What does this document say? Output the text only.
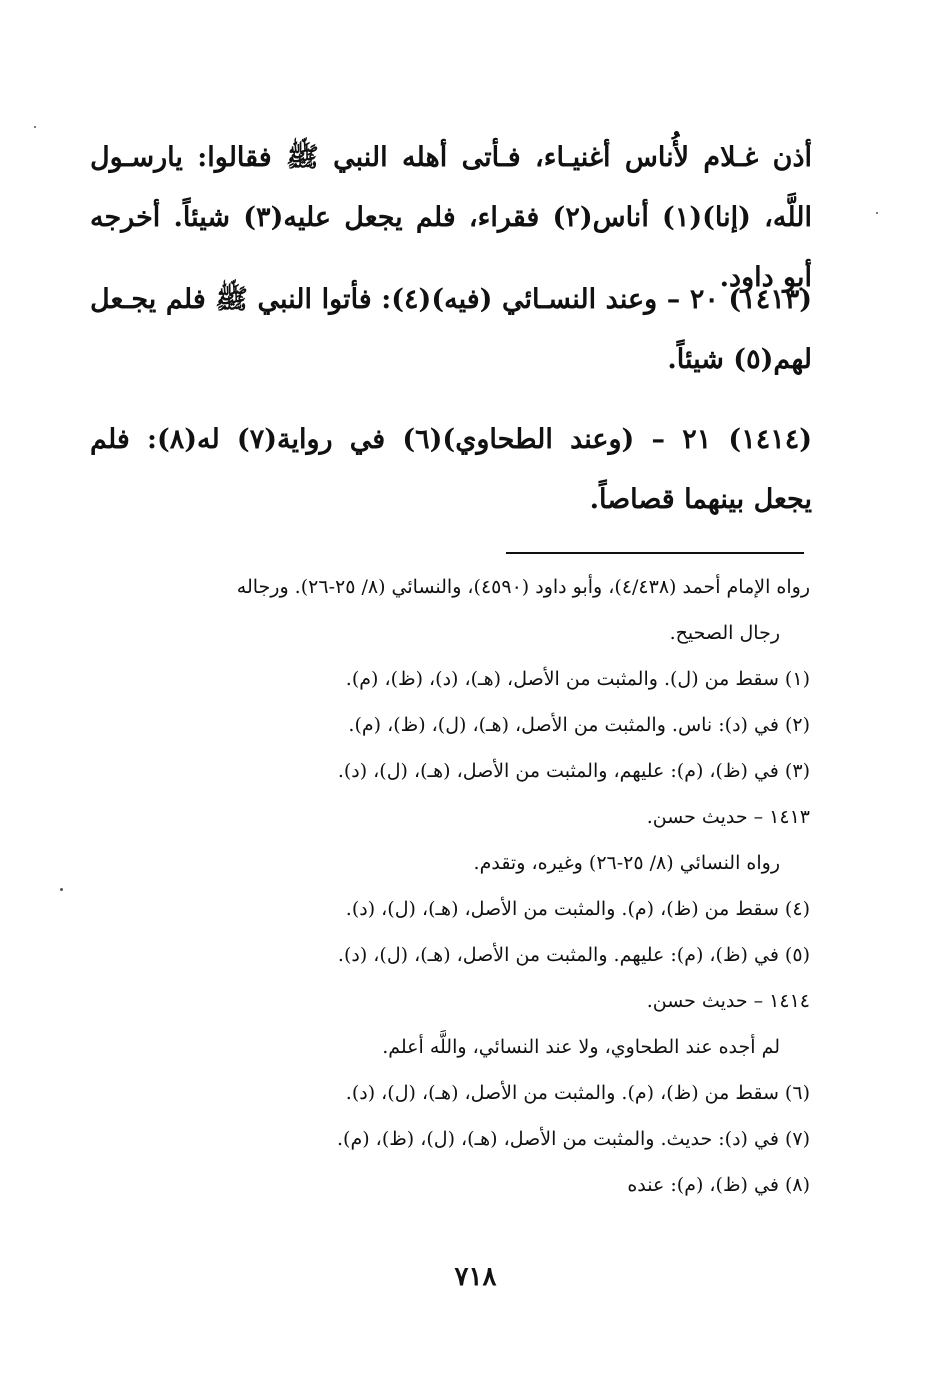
أذن غـلام لأُناس أغنيـاء، فـأتى أهله النبي ﷺ فقالوا: يارسـول اللَّه، (إنا)(١) أناس(٢) فقراء، فلم يجعل عليه(٣) شيئاً. أخرجه أبو داود.

(١٤١٣) ٢٠ – وعند النسـائي (فيه)(٤): فأتوا النبي ﷺ فلم يجـعل لهم(٥) شيئاً.

(١٤١٤) ٢١ – (وعند الطحاوي)(٦) في رواية(٧) له(٨): فلم يجعل بينهما قصاصاً.

رواه الإمام أحمد (٤/٤٣٨)، وأبو داود (٤٥٩٠)، والنسائي (٨/ ٢٥-٢٦). ورجاله
رجال الصحيح.
(١) سقط من (ل). والمثبت من الأصل، (هـ)، (د)، (ظ)، (م).
(٢) في (د): ناس. والمثبت من الأصل، (هـ)، (ل)، (ظ)، (م).
(٣) في (ظ)، (م): عليهم، والمثبت من الأصل، (هـ)، (ل)، (د).
١٤١٣ – حديث حسن.
رواه النسائي (٨/ ٢٥-٢٦) وغيره، وتقدم.
(٤) سقط من (ظ)، (م). والمثبت من الأصل، (هـ)، (ل)، (د).
(٥) في (ظ)، (م): عليهم. والمثبت من الأصل، (هـ)، (ل)، (د).
١٤١٤ – حديث حسن.
لم أجده عند الطحاوي، ولا عند النسائي، واللَّه أعلم.
(٦) سقط من (ظ)، (م). والمثبت من الأصل، (هـ)، (ل)، (د).
(٧) في (د): حديث. والمثبت من الأصل، (هـ)، (ل)، (ظ)، (م).
(٨) في (ظ)، (م): عنده
٧١٨
